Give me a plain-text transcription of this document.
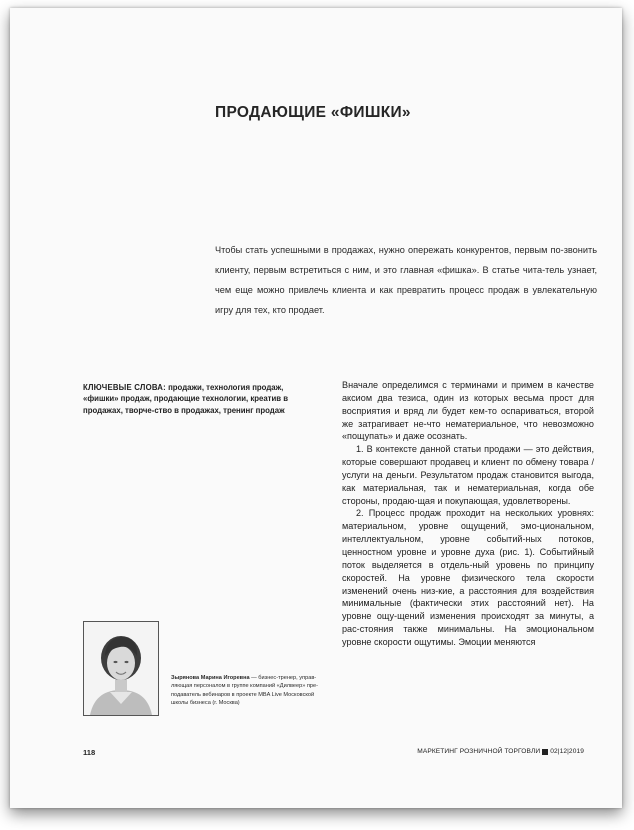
ПРОДАЮЩИЕ «ФИШКИ»

Чтобы стать успешными в продажах, нужно опережать конкурентов, первым по-звонить клиенту, первым встретиться с ним, и это главная «фишка». В статье чита-тель узнает, чем еще можно привлечь клиента и как превратить процесс продаж в увлекательную игру для тех, кто продает.

КЛЮЧЕВЫЕ СЛОВА: продажи, технология продаж, «фишки» продаж, продающие технологии, креатив в продажах, творче-ство в продажах, тренинг продаж

Вначале определимся с терминами и примем в качестве аксиом два тезиса, один из которых весьма прост для восприятия и вряд ли будет кем-то оспариваться, второй же затрагивает не-что нематериальное, что невозможно «пощупать» и даже осознать.

1. В контексте данной статьи продажи — это действия, которые совершают продавец и клиент по обмену товара / услуги на деньги. Результатом продаж становится выгода, как материальная, так и нематериальная, когда обе стороны, продаю-щая и покупающая, удовлетворены.

2. Процесс продаж проходит на нескольких уровнях: материальном, уровне ощущений, эмо-циональном, интеллектуальном, уровне событий-ных потоков, ценностном уровне и уровне духа (рис. 1). Событийный поток выделяется в отдель-ный уровень по принципу скоростей. На уровне физического тела скорости изменений очень низ-кие, а расстояния для воздействия минимальные (фактически этих расстояний нет). На уровне ощу-щений изменения происходят за минуты, а рас-стояния также минимальны. На эмоциональном уровне скорости ощутимы. Эмоции меняются

Зырянова Марина Игоревна — бизнес-тренер, управ-ляющая персоналом в группе компаний «Дилвеер» пре-подаватель вебинаров в проекте MBA Live Московской школы бизнеса (г. Москва)

118	МАРКЕТИНГ РОЗНИЧНОЙ ТОРГОВЛИ 02|12|2019
